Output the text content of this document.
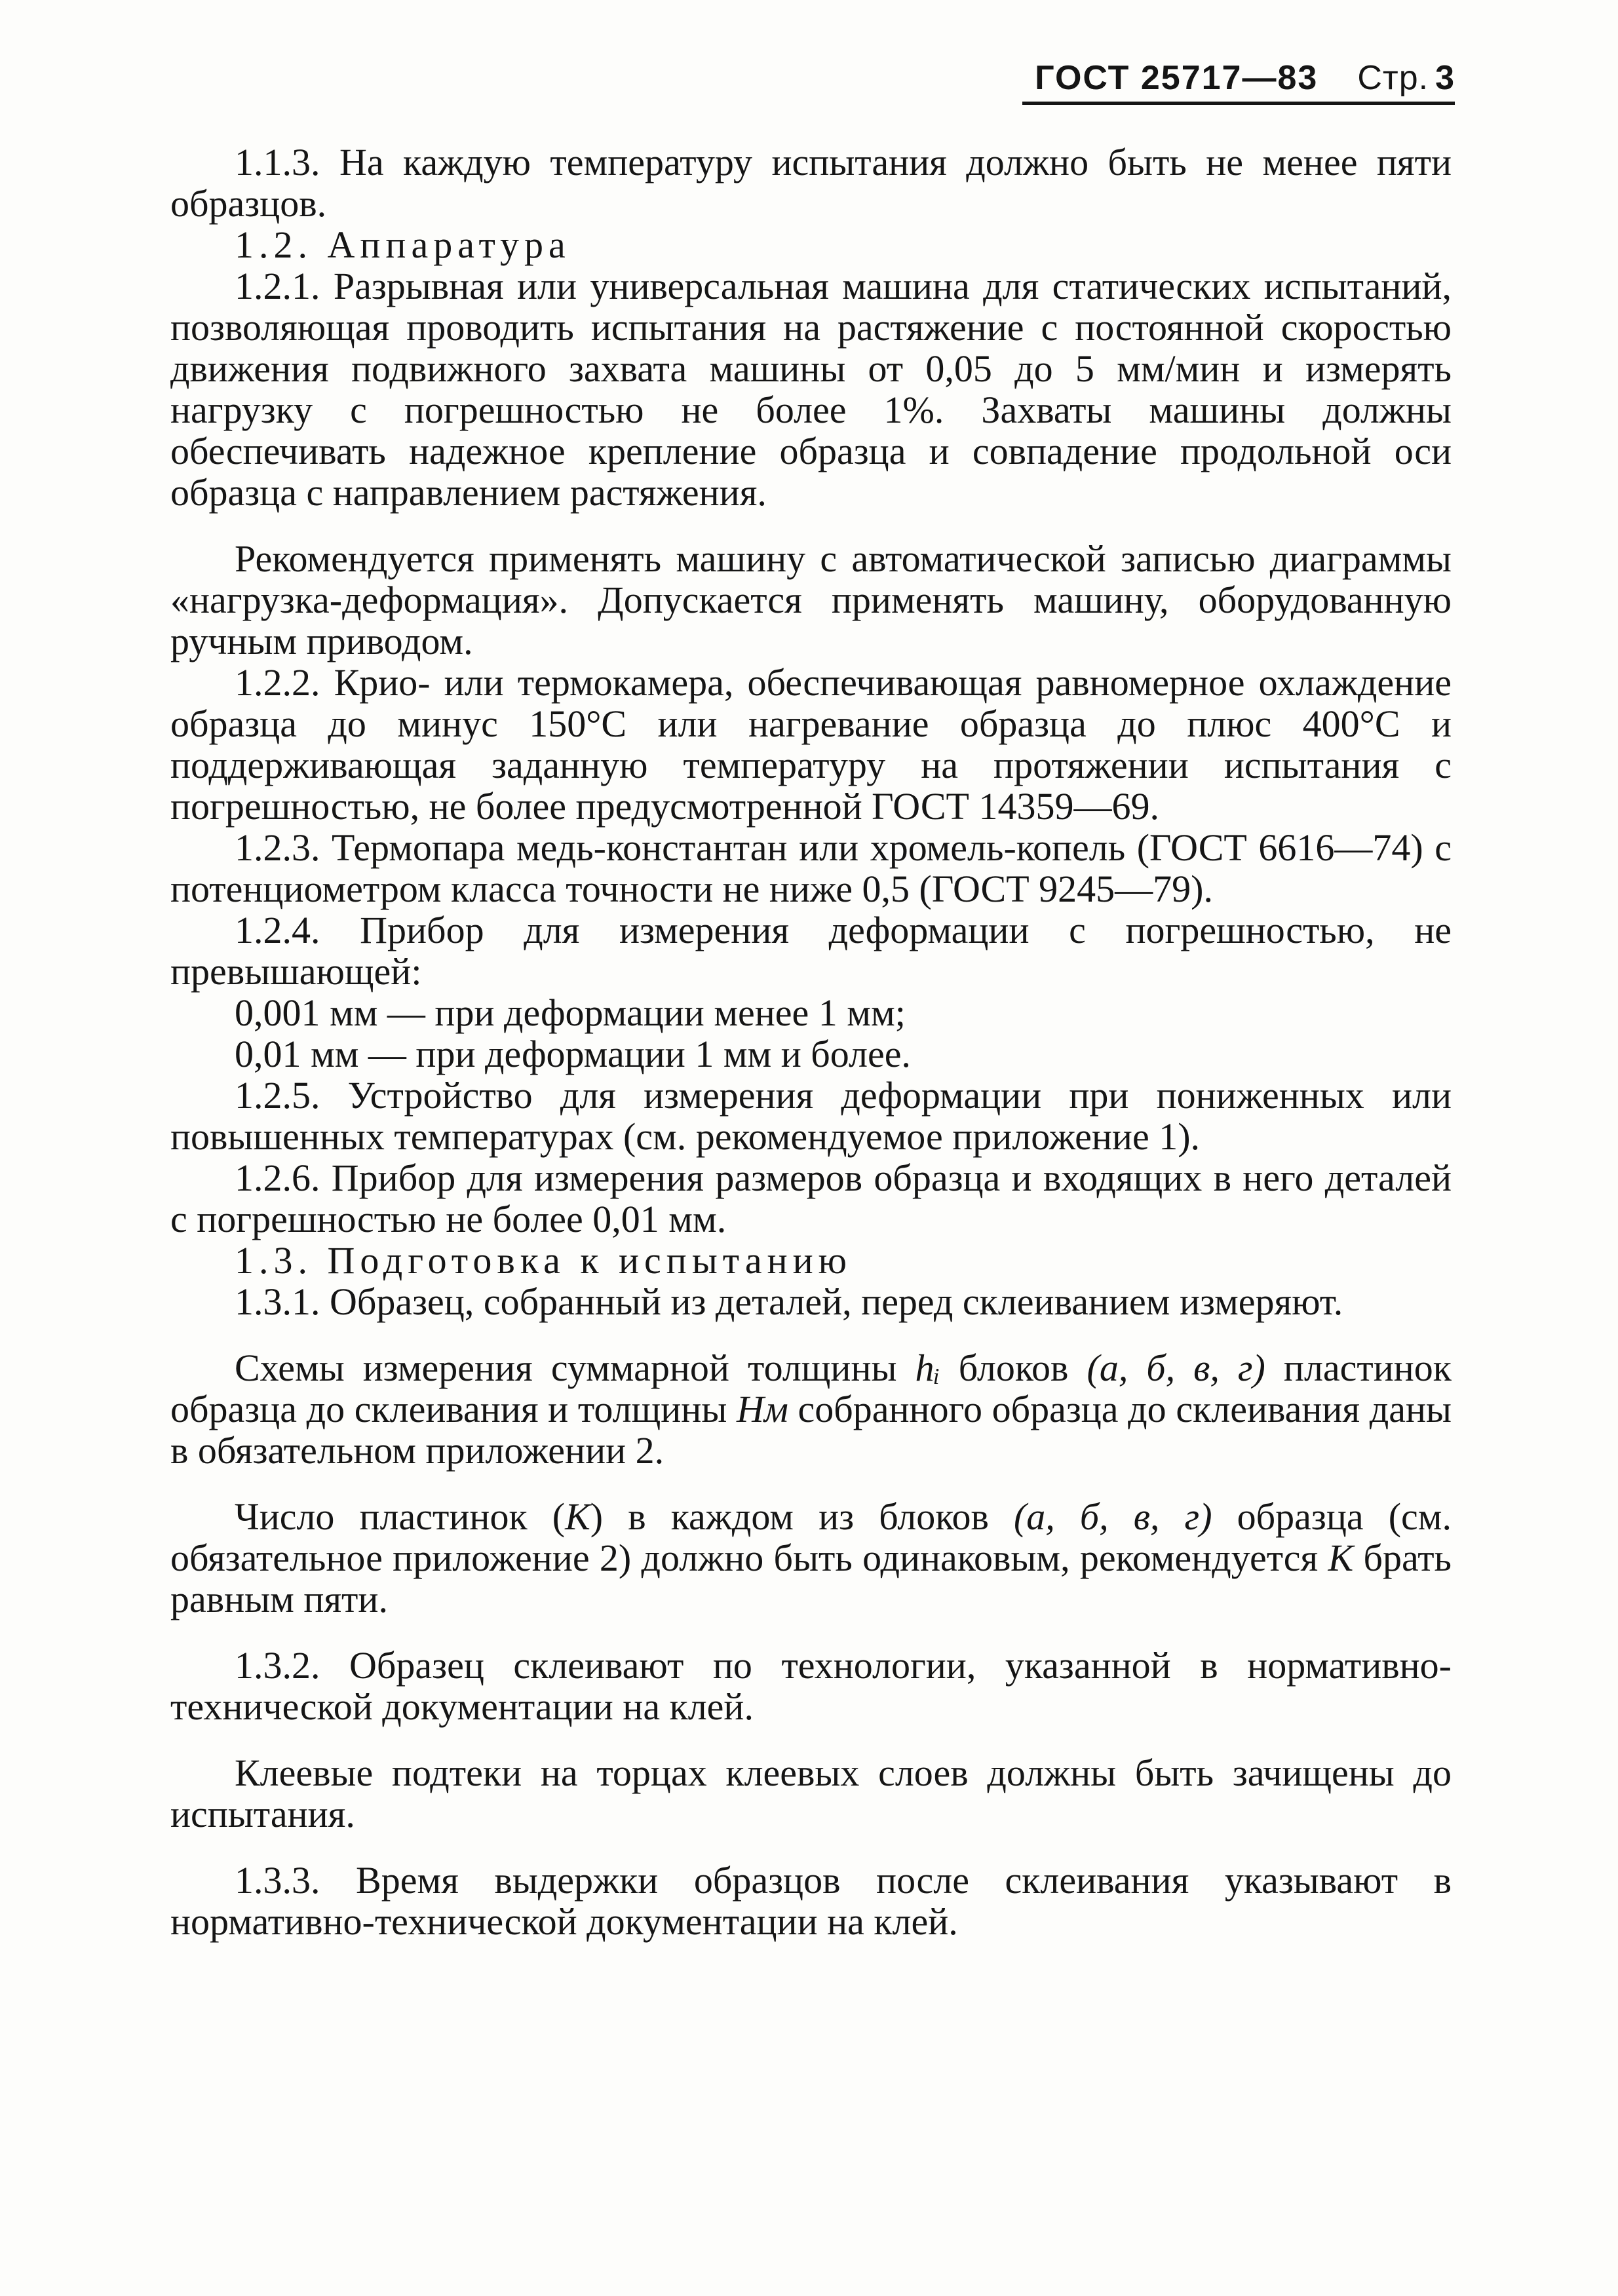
ГОСТ 25717—83 Стр. 3

1.1.3. На каждую температуру испытания должно быть не менее пяти образцов.

1.2. Аппаратура

1.2.1. Разрывная или универсальная машина для статических испытаний, позволяющая проводить испытания на растяжение с постоянной скоростью движения подвижного захвата машины от 0,05 до 5 мм/мин и измерять нагрузку с погрешностью не более 1%. Захваты машины должны обеспечивать надежное крепление образца и совпадение продольной оси образца с направлением растяжения.

Рекомендуется применять машину с автоматической записью диаграммы «нагрузка-деформация». Допускается применять машину, оборудованную ручным приводом.

1.2.2. Крио- или термокамера, обеспечивающая равномерное охлаждение образца до минус 150°С или нагревание образца до плюс 400°С и поддерживающая заданную температуру на протяжении испытания с погрешностью, не более предусмотренной ГОСТ 14359—69.

1.2.3. Термопара медь-константан или хромель-копель (ГОСТ 6616—74) с потенциометром класса точности не ниже 0,5 (ГОСТ 9245—79).

1.2.4. Прибор для измерения деформации с погрешностью, не превышающей:

0,001 мм — при деформации менее 1 мм;

0,01 мм — при деформации 1 мм и более.

1.2.5. Устройство для измерения деформации при пониженных или повышенных температурах (см. рекомендуемое приложение 1).

1.2.6. Прибор для измерения размеров образца и входящих в него деталей с погрешностью не более 0,01 мм.

1.3. Подготовка к испытанию

1.3.1. Образец, собранный из деталей, перед склеиванием измеряют.

Схемы измерения суммарной толщины hᵢ блоков (а, б, в, г) пластинок образца до склеивания и толщины Hм собранного образца до склеивания даны в обязательном приложении 2.

Число пластинок (K) в каждом из блоков (а, б, в, г) образца (см. обязательное приложение 2) должно быть одинаковым, рекомендуется K брать равным пяти.

1.3.2. Образец склеивают по технологии, указанной в нормативно-технической документации на клей.

Клеевые подтеки на торцах клеевых слоев должны быть зачищены до испытания.

1.3.3. Время выдержки образцов после склеивания указывают в нормативно-технической документации на клей.
